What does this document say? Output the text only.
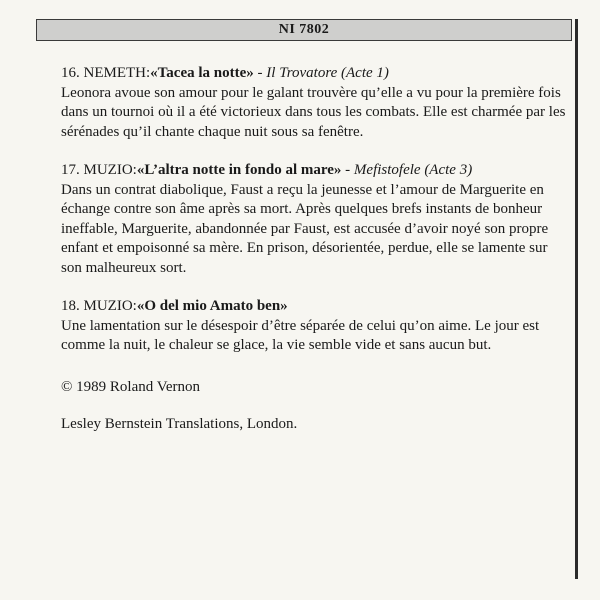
NI 7802
16. NEMETH:«Tacea la notte» - Il Trovatore (Acte 1)

Leonora avoue son amour pour le galant trouvère qu’elle a vu pour la première fois dans un tournoi où il a été victorieux dans tous les combats. Elle est charmée par les sérénades qu’il chante chaque nuit sous sa fenêtre.

17. MUZIO:«L’altra notte in fondo al mare» - Mefistofele (Acte 3)

Dans un contrat diabolique, Faust a reçu la jeunesse et l’amour de Marguerite en échange contre son âme après sa mort. Après quelques brefs instants de bonheur ineffable, Marguerite, abandonnée par Faust, est accusée d’avoir noyé son propre enfant et empoisonné sa mère. En prison, désorientée, perdue, elle se lamente sur son malheureux sort.

18. MUZIO:«O del mio Amato ben»

Une lamentation sur le désespoir d’être séparée de celui qu’on aime. Le jour est comme la nuit, le chaleur se glace, la vie semble vide et sans aucun but.

© 1989 Roland Vernon
Lesley Bernstein Translations, London.
